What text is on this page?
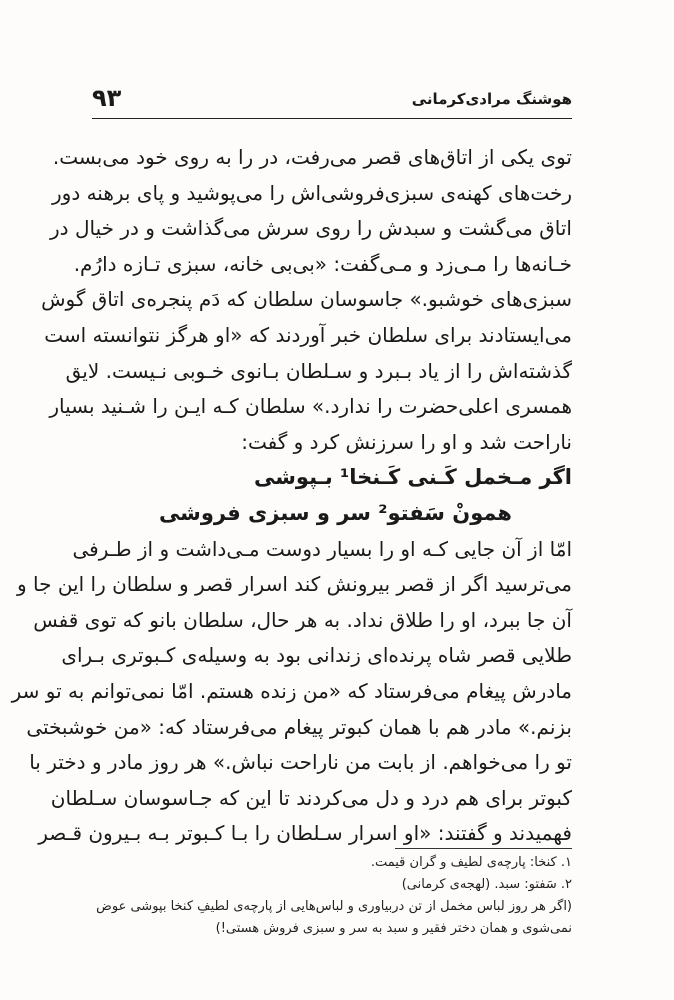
۹۳	هوشنگ مرادی‌کرمانی
توی یکی از اتاق‌های قصر می‌رفت، در را به روی خود می‌بست.
رخت‌های کهنه‌ی سبزی‌فروشی‌اش را می‌پوشید و پای برهنه دور
اتاق می‌گشت و سبدش را روی سرش می‌گذاشت و در خیال در
خـانه‌ها را مـی‌زد و مـی‌گفت: «بی‌بی خانه، سبزی تـازه دارُم.
سبزی‌های خوشبو.» جاسوسان سلطان که دَم پنجره‌ی اتاق گوش
می‌ایستادند برای سلطان خبر آوردند که «او هرگز نتوانسته است
گذشته‌اش را از یاد بـبرد و سـلطان بـانوی خـوبی نـیست. لایق
همسری اعلی‌حضرت را ندارد.» سلطان کـه ایـن را شـنید بسیار
ناراحت شد و او را سرزنش کرد و گفت:
اگر مـخمل کَـنی کَـنخا¹ بـپوشی
همونْ سَفتو² سر و سبزی فروشی
امّا از آن جایی کـه او را بسیار دوست مـی‌داشت و از طـرفی
می‌ترسید اگر از قصر بیرونش کند اسرار قصر و سلطان را این جا و
آن جا ببرد، او را طلاق نداد. به هر حال، سلطان بانو که توی قفس
طلایی قصر شاه پرنده‌ای زندانی بود به وسیله‌ی کـبوتری بـرای
مادرش پیغام می‌فرستاد که «من زنده هستم. امّا نمی‌توانم به تو سر
بزنم.» مادر هم با همان کبوتر پیغام می‌فرستاد که: «من خوشبختی
تو را می‌خواهم. از بابت من ناراحت نباش.» هر روز مادر و دختر با
کبوتر برای هم درد و دل می‌کردند تا این که جـاسوسان سـلطان
فهمیدند و گفتند: «او اسرار سـلطان را بـا کـبوتر بـه بـیرون قـصر
۱. کنخا: پارچه‌ی لطیف و گران قیمت.
۲. سَفتو: سبد. (لهجه‌ی کرمانی)
(اگر هر روز لباس مخمل از تن دربیاوری و لباس‌هایی از پارچه‌ی لطیفِ کنخا بپوشی عوض
نمی‌شوی و همان دختر فقیر و سبد به سر و سبزی فروش هستی!)
